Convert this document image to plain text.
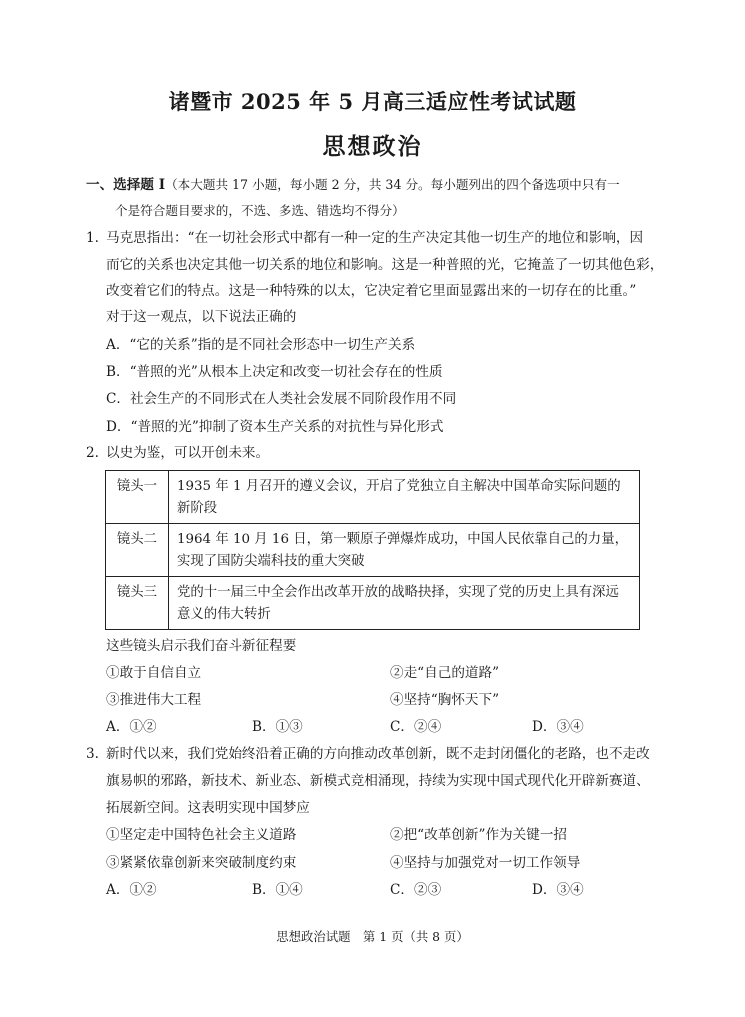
诸暨市 2025 年 5 月高三适应性考试试题
思想政治
一、选择题 I（本大题共 17 小题，每小题 2 分，共 34 分。每小题列出的四个备选项中只有一
个是符合题目要求的，不选、多选、错选均不得分）
1. 马克思指出：“在一切社会形式中都有一种一定的生产决定其他一切生产的地位和影响，因
而它的关系也决定其他一切关系的地位和影响。这是一种普照的光，它掩盖了一切其他色彩，
改变着它们的特点。这是一种特殊的以太，它决定着它里面显露出来的一切存在的比重。”
对于这一观点，以下说法正确的
A．“它的关系”指的是不同社会形态中一切生产关系
B．“普照的光”从根本上决定和改变一切社会存在的性质
C．社会生产的不同形式在人类社会发展不同阶段作用不同
D．“普照的光”抑制了资本生产关系的对抗性与异化形式
2. 以史为鉴，可以开创未来。
镜头一	1935 年 1 月召开的遵义会议，开启了党独立自主解决中国革命实际问题的
新阶段

镜头二	1964 年 10 月 16 日，第一颗原子弹爆炸成功，中国人民依靠自己的力量，
实现了国防尖端科技的重大突破

镜头三	党的十一届三中全会作出改革开放的战略抉择，实现了党的历史上具有深远
意义的伟大转折
这些镜头启示我们奋斗新征程要
①敢于自信自立	②走“自己的道路”
③推进伟大工程	④坚持“胸怀天下”
A．①②	B．①③	C．②④	D．③④
3. 新时代以来，我们党始终沿着正确的方向推动改革创新，既不走封闭僵化的老路，也不走改
旗易帜的邪路，新技术、新业态、新模式竞相涌现，持续为实现中国式现代化开辟新赛道、
拓展新空间。这表明实现中国梦应
①坚定走中国特色社会主义道路	②把“改革创新”作为关键一招
③紧紧依靠创新来突破制度约束	④坚持与加强党对一切工作领导
A．①②	B．①④	C．②③	D．③④
思想政治试题　第 1 页（共 8 页）
